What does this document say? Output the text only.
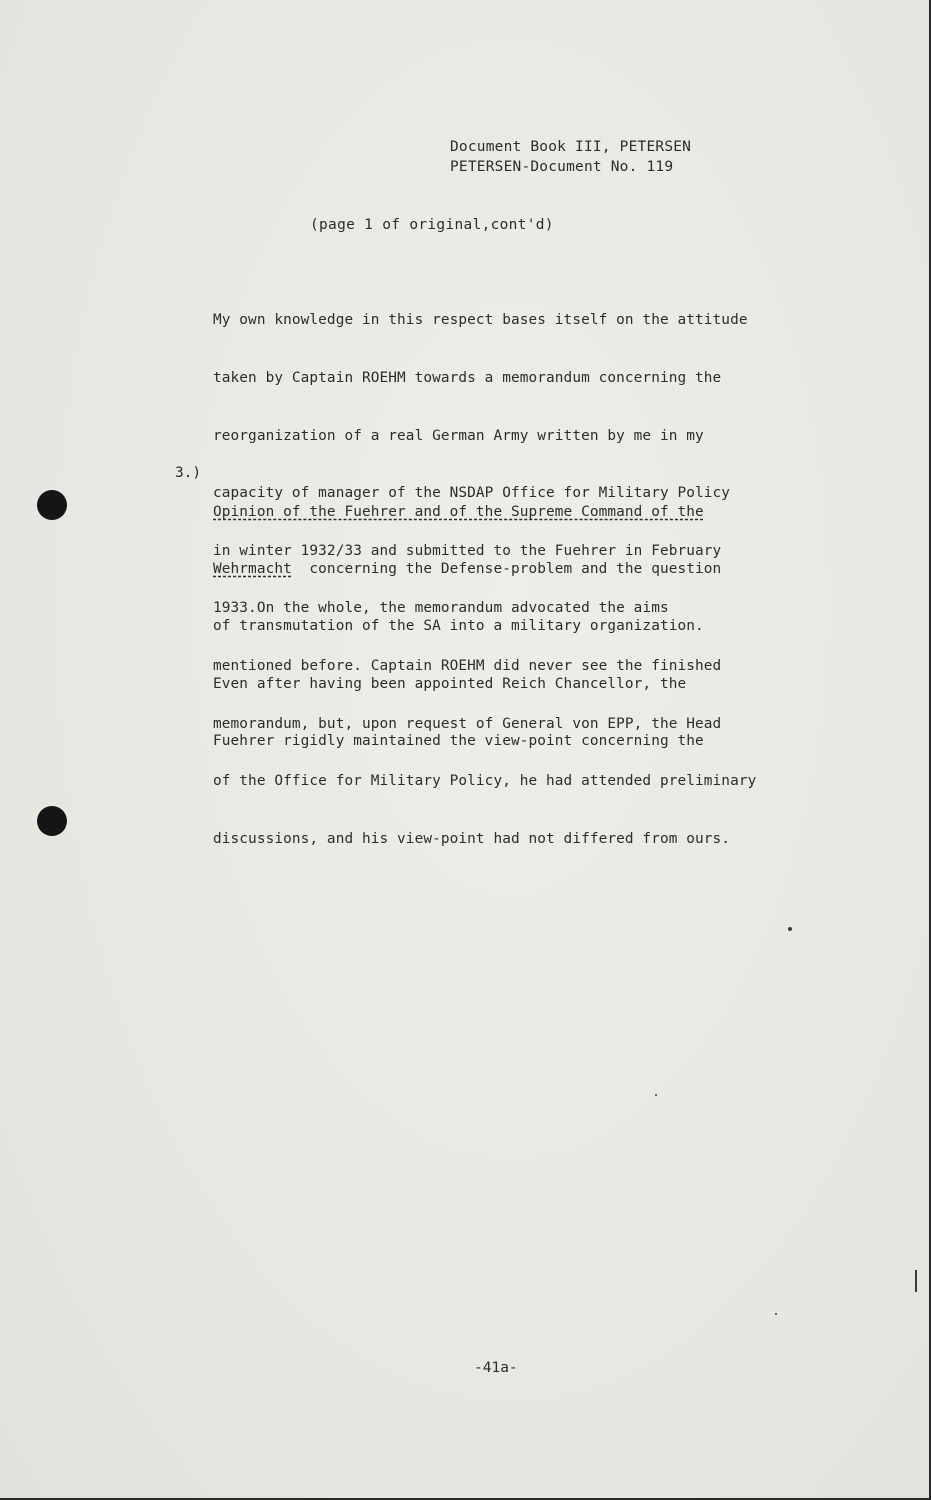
Document Book III, PETERSEN
PETERSEN-Document No. 119
(page 1 of original,cont'd)

My own knowledge in this respect bases itself on the attitude

taken by Captain ROEHM towards a memorandum concerning the

reorganization of a real German Army written by me in my

capacity of manager of the NSDAP Office for Military Policy

in winter 1932/33 and submitted to the Fuehrer in February

1933.On the whole, the memorandum advocated the aims

mentioned before. Captain ROEHM did never see the finished

memorandum, but, upon request of General von EPP, the Head

of the Office for Military Policy, he had attended preliminary

discussions, and his view-point had not differed from ours.

3.)

Opinion of the Fuehrer and of the Supreme Command of the

Wehrmacht  concerning the Defense-problem and the question

of transmutation of the SA into a military organization.

Even after having been appointed Reich Chancellor, the

Fuehrer rigidly maintained the view-point concerning the

-41a-
